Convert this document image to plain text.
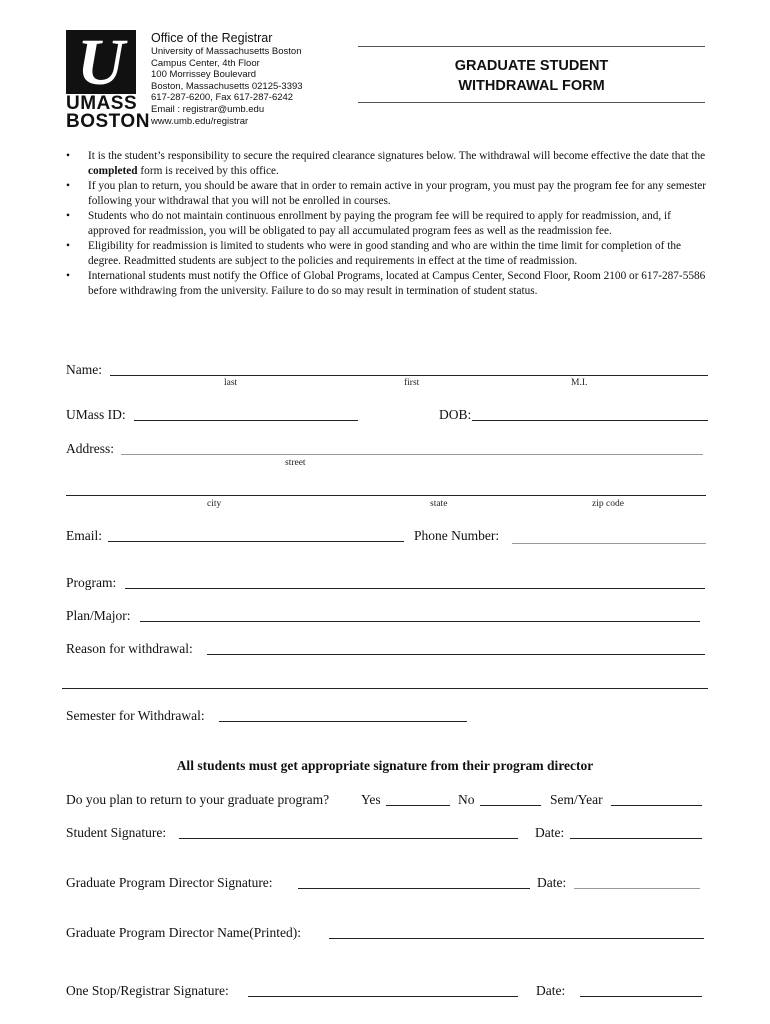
U
UMASS
BOSTON
Office of the Registrar
University of Massachusetts Boston
Campus Center, 4th Floor
100 Morrissey Boulevard
Boston, Massachusetts 02125-3393
617-287-6200, Fax 617-287-6242
Email : registrar@umb.edu
www.umb.edu/registrar
GRADUATE STUDENT
WITHDRAWAL FORM
• It is the student’s responsibility to secure the required clearance signatures below. The withdrawal will become effective the date that the completed form is received by this office.
• If you plan to return, you should be aware that in order to remain active in your program, you must pay the program fee for any semester following your withdrawal that you will not be enrolled in courses.
• Students who do not maintain continuous enrollment by paying the program fee will be required to apply for readmission, and, if approved for readmission, you will be obligated to pay all accumulated program fees as well as the readmission fee.
• Eligibility for readmission is limited to students who were in good standing and who are within the time limit for completion of the degree. Readmitted students are subject to the policies and requirements in effect at the time of readmission.
• International students must notify the Office of Global Programs, located at Campus Center, Second Floor, Room 2100 or 617-287-5586 before withdrawing from the university. Failure to do so may result in termination of student status.
Name:
last	first	M.I.
UMass ID:	DOB:
Address:
street
city	state	zip code
Email:	Phone Number:
Program:
Plan/Major:
Reason for withdrawal:
Semester for Withdrawal:
All students must get appropriate signature from their program director
Do you plan to return to your graduate program? Yes	No	Sem/Year
Student Signature:	Date:
Graduate Program Director Signature:	Date:
Graduate Program Director Name(Printed):
One Stop/Registrar Signature:	Date:
